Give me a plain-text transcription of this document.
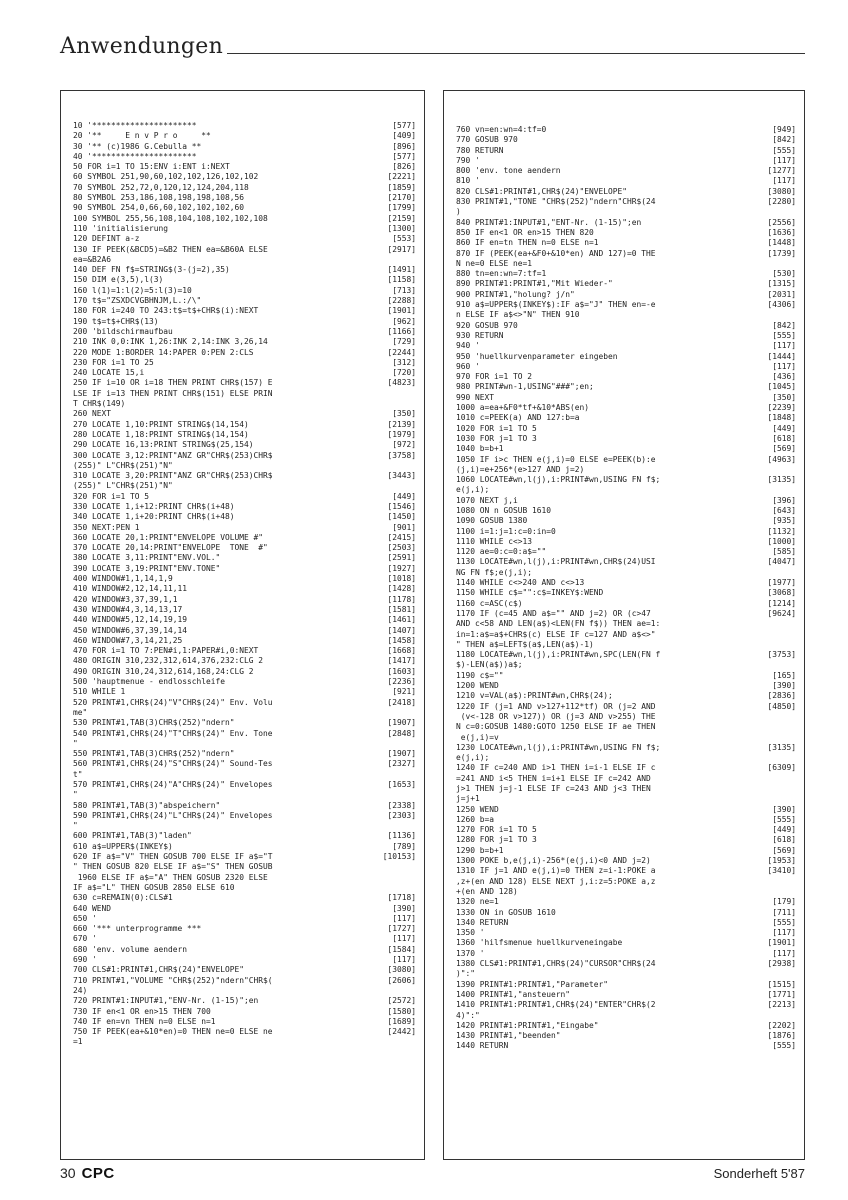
Anwendungen
10 '**********************	[577]
20 '**     E n v P r o     **	[409]
30 '** (c)1986 G.Cebulla **	[896]
40 '**********************	[577]
50 FOR i=1 TO 15:ENV i:ENT i:NEXT	[826]
60 SYMBOL 251,90,60,102,102,126,102,102	[2221]
70 SYMBOL 252,72,0,120,12,124,204,118	[1859]
80 SYMBOL 253,186,108,198,198,108,56	[2170]
90 SYMBOL 254,0,66,60,102,102,102,60	[1799]
100 SYMBOL 255,56,108,104,108,102,102,108	[2159]
110 'initialisierung	[1300]
120 DEFINT a-z	[553]
130 IF PEEK(&BCD5)=&B2 THEN ea=&B60A ELSE	[2917]
ea=&B2A6
140 DEF FN f$=STRING$(3-(j=2),35)	[1491]
150 DIM e(3,5),l(3)	[1158]
160 l(1)=1:l(2)=5:l(3)=10	[713]
170 t$="ZSXDCVGBHNJM,L.:/\"	[2288]
180 FOR i=240 TO 243:t$=t$+CHR$(i):NEXT	[1901]
190 t$=t$+CHR$(13)	[962]
200 'bildschirmaufbau	[1166]
210 INK 0,0:INK 1,26:INK 2,14:INK 3,26,14	[729]
220 MODE 1:BORDER 14:PAPER 0:PEN 2:CLS	[2244]
230 FOR i=1 TO 25	[312]
240 LOCATE 15,i	[720]
250 IF i=10 OR i=18 THEN PRINT CHR$(157) E	[4823]
LSE IF i=13 THEN PRINT CHR$(151) ELSE PRIN
T CHR$(149)
260 NEXT	[350]
270 LOCATE 1,10:PRINT STRING$(14,154)	[2139]
280 LOCATE 1,18:PRINT STRING$(14,154)	[1979]
290 LOCATE 16,13:PRINT STRING$(25,154)	[972]
300 LOCATE 3,12:PRINT"ANZ GR"CHR$(253)CHR$	[3758]
(255)" L"CHR$(251)"N"
310 LOCATE 3,20:PRINT"ANZ GR"CHR$(253)CHR$	[3443]
(255)" L"CHR$(251)"N"
320 FOR i=1 TO 5	[449]
330 LOCATE 1,i+12:PRINT CHR$(i+48)	[1546]
340 LOCATE 1,i+20:PRINT CHR$(i+48)	[1450]
350 NEXT:PEN 1	[901]
360 LOCATE 20,1:PRINT"ENVELOPE VOLUME #"	[2415]
370 LOCATE 20,14:PRINT"ENVELOPE  TONE  #"	[2503]
380 LOCATE 3,11:PRINT"ENV.VOL."	[2591]
390 LOCATE 3,19:PRINT"ENV.TONE"	[1927]
400 WINDOW#1,1,14,1,9	[1018]
410 WINDOW#2,12,14,11,11	[1428]
420 WINDOW#3,37,39,1,1	[1178]
430 WINDOW#4,3,14,13,17	[1581]
440 WINDOW#5,12,14,19,19	[1461]
450 WINDOW#6,37,39,14,14	[1407]
460 WINDOW#7,3,14,21,25	[1458]
470 FOR i=1 TO 7:PEN#i,1:PAPER#i,0:NEXT	[1668]
480 ORIGIN 310,232,312,614,376,232:CLG 2	[1417]
490 ORIGIN 310,24,312,614,168,24:CLG 2	[1603]
500 'hauptmenue - endlosschleife	[2236]
510 WHILE 1	[921]
520 PRINT#1,CHR$(24)"V"CHR$(24)" Env. Volu	[2418]
me"
530 PRINT#1,TAB(3)CHR$(252)"ndern"	[1907]
540 PRINT#1,CHR$(24)"T"CHR$(24)" Env. Tone	[2848]
"
550 PRINT#1,TAB(3)CHR$(252)"ndern"	[1907]
560 PRINT#1,CHR$(24)"S"CHR$(24)" Sound-Tes	[2327]
t"
570 PRINT#1,CHR$(24)"A"CHR$(24)" Envelopes	[1653]
"
580 PRINT#1,TAB(3)"abspeichern"	[2338]
590 PRINT#1,CHR$(24)"L"CHR$(24)" Envelopes	[2303]
"
600 PRINT#1,TAB(3)"laden"	[1136]
610 a$=UPPER$(INKEY$)	[789]
620 IF a$="V" THEN GOSUB 700 ELSE IF a$="T	[10153]
" THEN GOSUB 820 ELSE IF a$="S" THEN GOSUB
1960 ELSE IF a$="A" THEN GOSUB 2320 ELSE
IF a$="L" THEN GOSUB 2850 ELSE 610
630 c=REMAIN(0):CLS#1	[1718]
640 WEND	[390]
650 '	[117]
660 '*** unterprogramme ***	[1727]
670 '	[117]
680 'env. volume aendern	[1584]
690 '	[117]
700 CLS#1:PRINT#1,CHR$(24)"ENVELOPE"	[3080]
710 PRINT#1,"VOLUME "CHR$(252)"ndern"CHR$(	[2606]
24)
720 PRINT#1:INPUT#1,"ENV-Nr. (1-15)";en	[2572]
730 IF en<1 OR en>15 THEN 700	[1580]
740 IF en=vn THEN n=0 ELSE n=1	[1689]
750 IF PEEK(ea+&10*en)=0 THEN ne=0 ELSE ne	[2442]
=1
760 vn=en:wn=4:tf=0	[949]
770 GOSUB 970	[842]
780 RETURN	[555]
790 '	[117]
800 'env. tone aendern	[1277]
810 '	[117]
820 CLS#1:PRINT#1,CHR$(24)"ENVELOPE"	[3080]
830 PRINT#1,"TONE "CHR$(252)"ndern"CHR$(24	[2280]
)
840 PRINT#1:INPUT#1,"ENT-Nr. (1-15)";en	[2556]
850 IF en<1 OR en>15 THEN 820	[1636]
860 IF en=tn THEN n=0 ELSE n=1	[1448]
870 IF (PEEK(ea+&F0+&10*en) AND 127)=0 THE	[1739]
N ne=0 ELSE ne=1
880 tn=en:wn=7:tf=1	[530]
890 PRINT#1:PRINT#1,"Mit Wieder-"	[1315]
900 PRINT#1,"holung? j/n"	[2031]
910 a$=UPPER$(INKEY$):IF a$="J" THEN en=-e	[4306]
n ELSE IF a$<>"N" THEN 910
920 GOSUB 970	[842]
930 RETURN	[555]
940 '	[117]
950 'huellkurvenparameter eingeben	[1444]
960 '	[117]
970 FOR i=1 TO 2	[436]
980 PRINT#wn-1,USING"###";en;	[1045]
990 NEXT	[350]
1000 a=ea+&F0*tf+&10*ABS(en)	[2239]
1010 c=PEEK(a) AND 127:b=a	[1848]
1020 FOR i=1 TO 5	[449]
1030 FOR j=1 TO 3	[618]
1040 b=b+1	[569]
1050 IF i>c THEN e(j,i)=0 ELSE e=PEEK(b):e	[4963]
(j,i)=e+256*(e>127 AND j=2)
1060 LOCATE#wn,l(j),i:PRINT#wn,USING FN f$;	[3135]
e(j,i);
1070 NEXT j,i	[396]
1080 ON n GOSUB 1610	[643]
1090 GOSUB 1380	[935]
1100 i=1:j=1:c=0:in=0	[1132]
1110 WHILE c<>13	[1000]
1120 ae=0:c=0:a$=""	[585]
1130 LOCATE#wn,l(j),i:PRINT#wn,CHR$(24)USI	[4047]
NG FN f$;e(j,i);
1140 WHILE c<>240 AND c<>13	[1977]
1150 WHILE c$="":c$=INKEY$:WEND	[3068]
1160 c=ASC(c$)	[1214]
1170 IF (c=45 AND a$="" AND j=2) OR (c>47	[9624]
AND c<58 AND LEN(a$)<LEN(FN f$)) THEN ae=1:
in=1:a$=a$+CHR$(c) ELSE IF c=127 AND a$<>"
" THEN a$=LEFT$(a$,LEN(a$)-1)
1180 LOCATE#wn,l(j),i:PRINT#wn,SPC(LEN(FN f	[3753]
$)-LEN(a$))a$;
1190 c$=""	[165]
1200 WEND	[390]
1210 v=VAL(a$):PRINT#wn,CHR$(24);	[2836]
1220 IF (j=1 AND v>127+112*tf) OR (j=2 AND	[4850]
(v<-128 OR v>127)) OR (j=3 AND v>255) THE
N c=0:GOSUB 1480:GOTO 1250 ELSE IF ae THEN
e(j,i)=v
1230 LOCATE#wn,l(j),i:PRINT#wn,USING FN f$;	[3135]
e(j,i);
1240 IF c=240 AND i>1 THEN i=i-1 ELSE IF c	[6309]
=241 AND i<5 THEN i=i+1 ELSE IF c=242 AND
j>1 THEN j=j-1 ELSE IF c=243 AND j<3 THEN
j=j+1
1250 WEND	[390]
1260 b=a	[555]
1270 FOR i=1 TO 5	[449]
1280 FOR j=1 TO 3	[618]
1290 b=b+1	[569]
1300 POKE b,e(j,i)-256*(e(j,i)<0 AND j=2)	[1953]
1310 IF j=1 AND e(j,i)=0 THEN z=i-1:POKE a	[3410]
,z+(en AND 128) ELSE NEXT j,i:z=5:POKE a,z
+(en AND 128)
1320 ne=1	[179]
1330 ON in GOSUB 1610	[711]
1340 RETURN	[555]
1350 '	[117]
1360 'hilfsmenue huellkurveneingabe	[1901]
1370 '	[117]
1380 CLS#1:PRINT#1,CHR$(24)"CURSOR"CHR$(24	[2938]
)":"
1390 PRINT#1:PRINT#1,"Parameter"	[1515]
1400 PRINT#1,"ansteuern"	[1771]
1410 PRINT#1:PRINT#1,CHR$(24)"ENTER"CHR$(2	[2213]
4)":"
1420 PRINT#1:PRINT#1,"Eingabe"	[2202]
1430 PRINT#1,"beenden"	[1876]
1440 RETURN	[555]
30 CPC	Sonderheft 5'87
